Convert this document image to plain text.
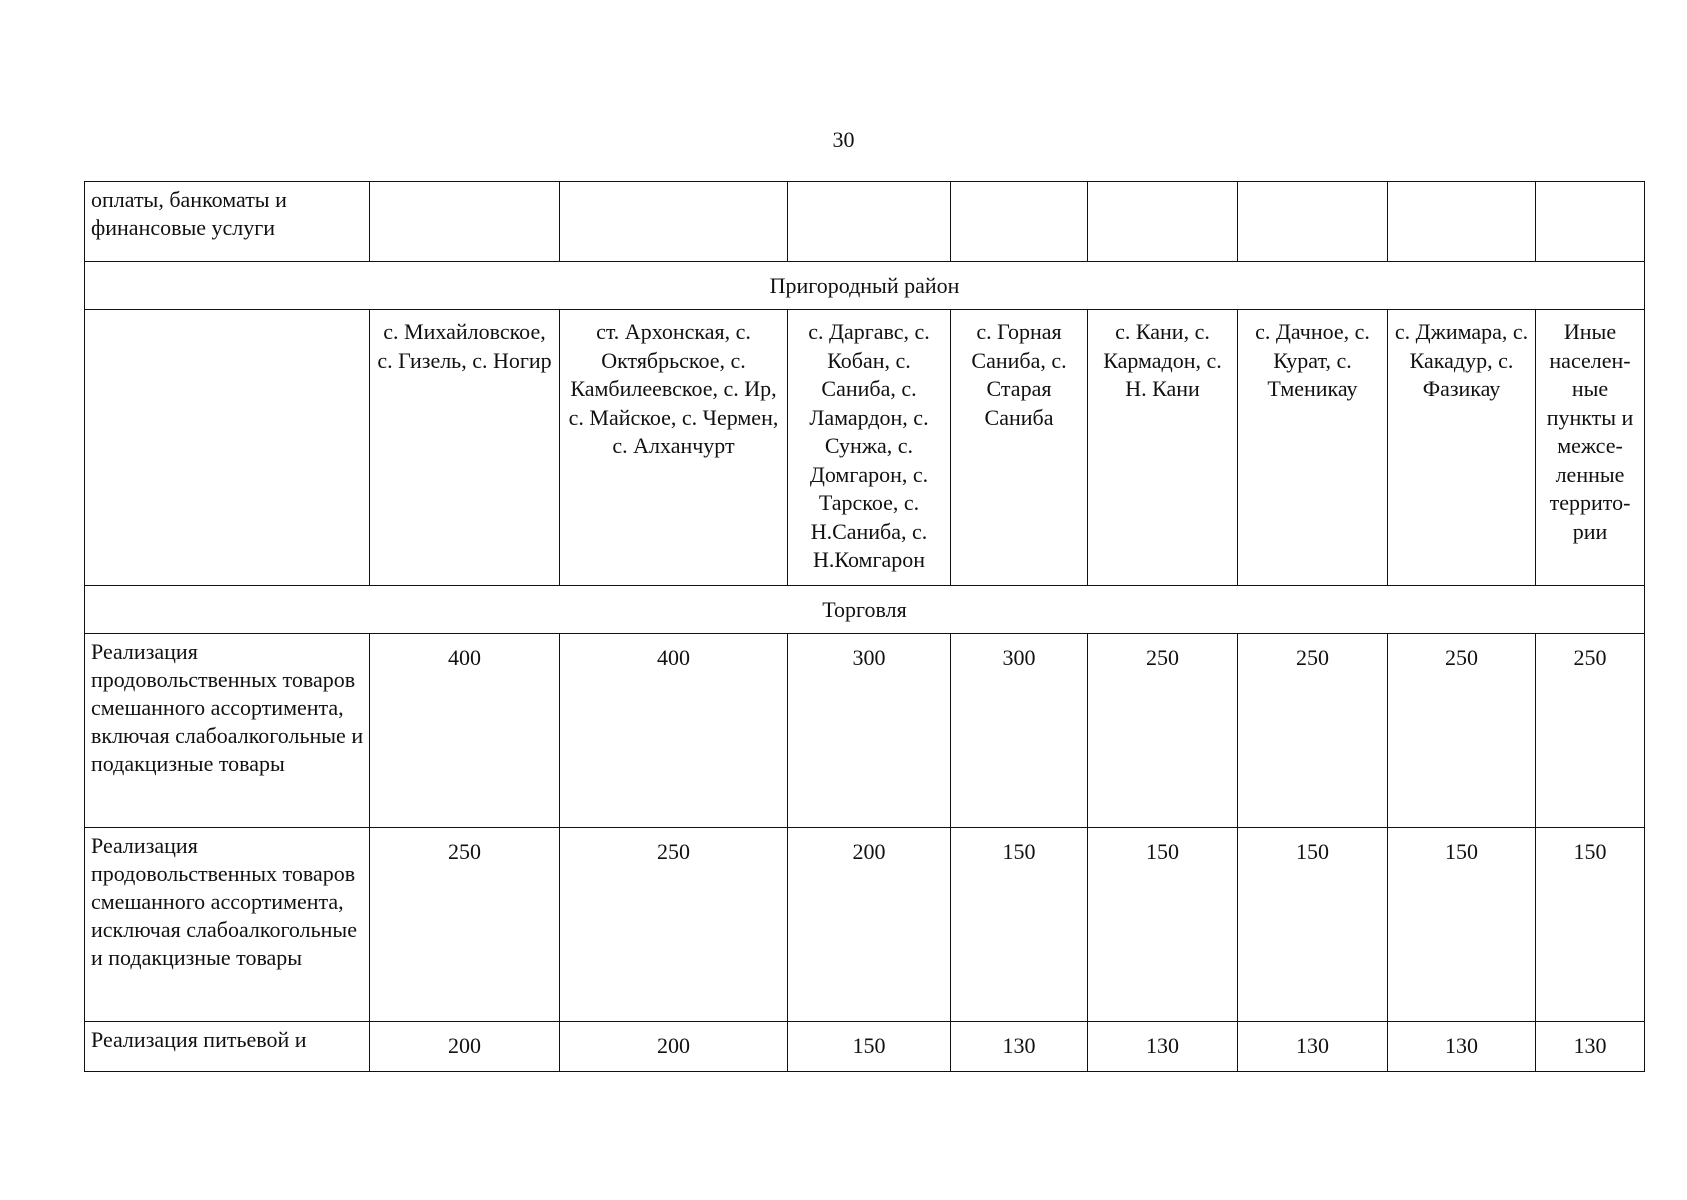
30
оплаты, банкоматы и финансовые услуги								
Пригородный район								
	с. Михайловское, с. Гизель, с. Ногир	ст. Архонская, с. Октябрьское, с. Камбилеевское, с. Ир, с. Майское, с. Чермен, с. Алханчурт	с. Даргавс, с. Кобан, с. Саниба, с. Ламардон, с. Сунжа, с. Домгарон, с. Тарское, с. Н.Саниба, с. Н.Комгарон	с. Горная Саниба, с. Старая Саниба	с. Кани, с. Кармадон, с. Н. Кани	с. Дачное, с. Курат, с. Тменикау	с. Джимара, с. Какадур, с. Фазикау	Иные населен-ные пункты и межсе-ленные террито-рии
Торговля								
Реализация продовольственных товаров смешанного ассортимента, включая слабоалкогольные и подакцизные товары	400	400	300	300	250	250	250	250
Реализация продовольственных товаров смешанного ассортимента, исключая слабоалкогольные и подакцизные товары	250	250	200	150	150	150	150	150
Реализация питьевой и	200	200	150	130	130	130	130	130
